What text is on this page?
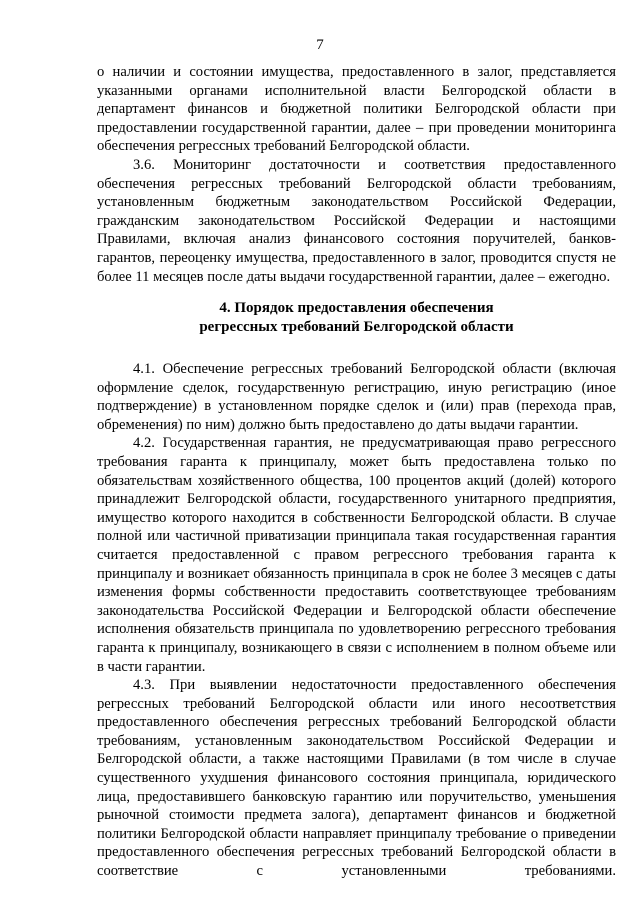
7

о наличии и состоянии имущества, предоставленного в залог, представляется указанными органами исполнительной власти Белгородской области в департамент финансов и бюджетной политики Белгородской области при предоставлении государственной гарантии, далее – при проведении мониторинга обеспечения регрессных требований Белгородской области.

3.6. Мониторинг достаточности и соответствия предоставленного обеспечения регрессных требований Белгородской области требованиям, установленным бюджетным законодательством Российской Федерации, гражданским законодательством Российской Федерации и настоящими Правилами, включая анализ финансового состояния поручителей, банков-гарантов, переоценку имущества, предоставленного в залог, проводится спустя не более 11 месяцев после даты выдачи государственной гарантии, далее – ежегодно.

4. Порядок предоставления обеспечения
регрессных требований Белгородской области

4.1. Обеспечение регрессных требований Белгородской области (включая оформление сделок, государственную регистрацию, иную регистрацию (иное подтверждение) в установленном порядке сделок и (или) прав (перехода прав, обременения) по ним) должно быть предоставлено до даты выдачи гарантии.

4.2. Государственная гарантия, не предусматривающая право регрессного требования гаранта к принципалу, может быть предоставлена только по обязательствам хозяйственного общества, 100 процентов акций (долей) которого принадлежит Белгородской области, государственного унитарного предприятия, имущество которого находится в собственности Белгородской области. В случае полной или частичной приватизации принципала такая государственная гарантия считается предоставленной с правом регрессного требования гаранта к принципалу и возникает обязанность принципала в срок не более 3 месяцев с даты изменения формы собственности предоставить соответствующее требованиям законодательства Российской Федерации и Белгородской области обеспечение исполнения обязательств принципала по удовлетворению регрессного требования гаранта к принципалу, возникающего в связи с исполнением в полном объеме или в части гарантии.

4.3. При выявлении недостаточности предоставленного обеспечения регрессных требований Белгородской области или иного несоответствия предоставленного обеспечения регрессных требований Белгородской области требованиям, установленным законодательством Российской Федерации и Белгородской области, а также настоящими Правилами (в том числе в случае существенного ухудшения финансового состояния принципала, юридического лица, предоставившего банковскую гарантию или поручительство, уменьшения рыночной стоимости предмета залога), департамент финансов и бюджетной политики Белгородской области направляет принципалу требование о приведении предоставленного обеспечения регрессных требований Белгородской области в соответствие с установленными требованиями.
